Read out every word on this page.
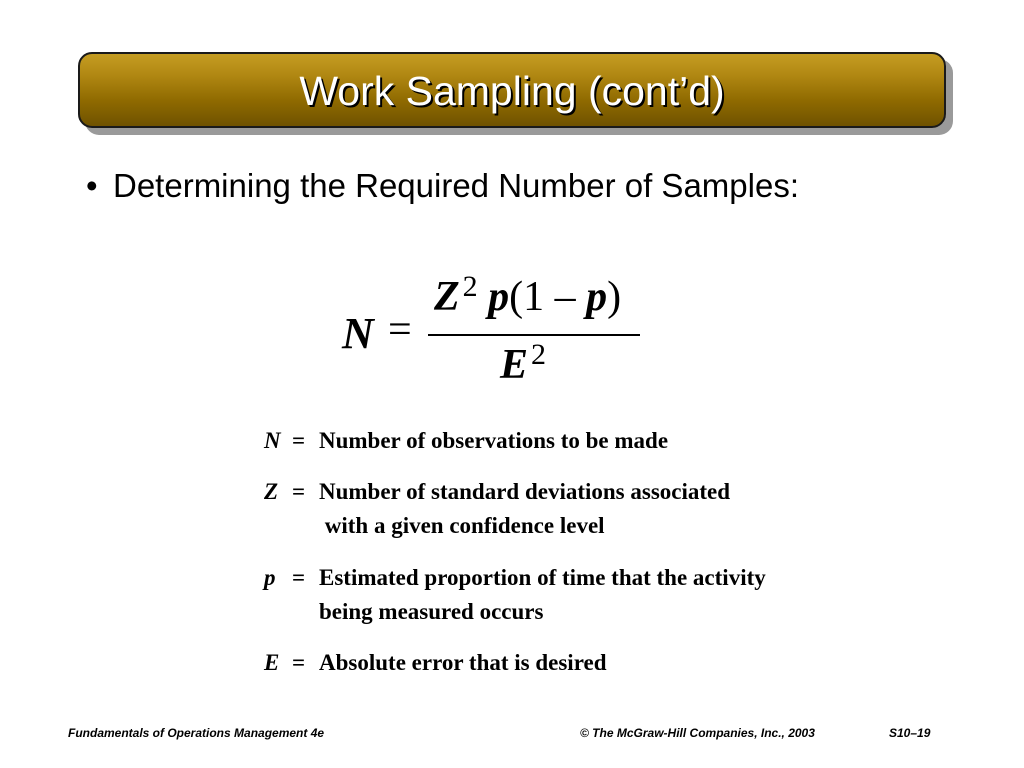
Work Sampling (cont’d)
• Determining the Required Number of Samples:
N =
Z $^2$ p(1 – p)
E $^2$
N = Number of observations to be made
Z = Number of standard deviations associated
with a given confidence level
p = Estimated proportion of time that the activity
being measured occurs
E = Absolute error that is desired
Fundamentals of Operations Management 4e	© The McGraw-Hill Companies, Inc., 2003	S10–19
